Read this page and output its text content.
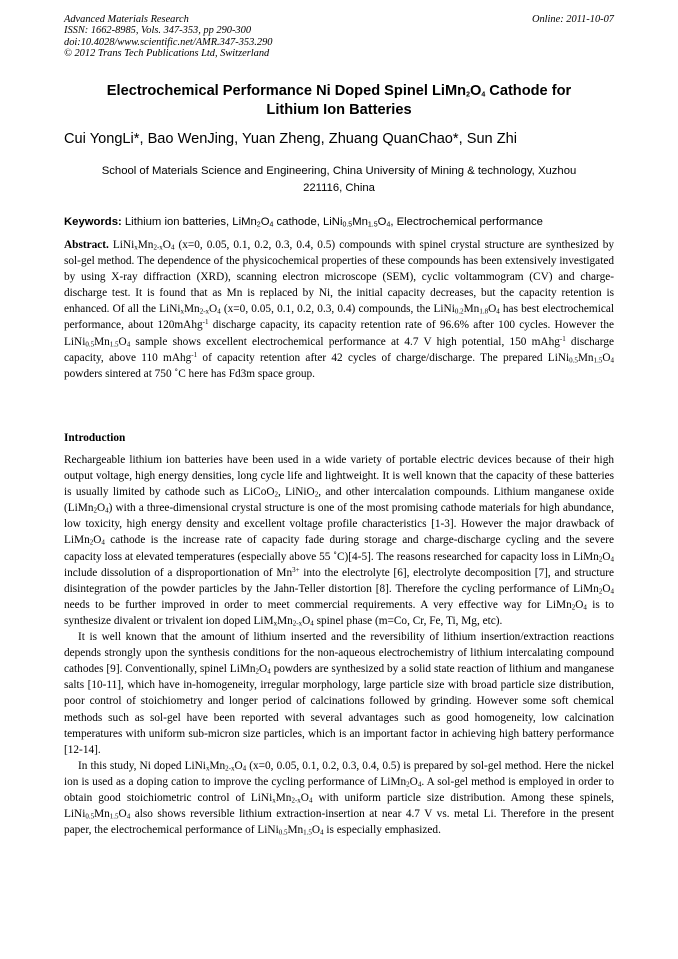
Advanced Materials Research
ISSN: 1662-8985, Vols. 347-353, pp 290-300
doi:10.4028/www.scientific.net/AMR.347-353.290
© 2012 Trans Tech Publications Ltd, Switzerland
Online: 2011-10-07
Electrochemical Performance Ni Doped Spinel $LiMn_2O_4$ Cathode for
Lithium Ion Batteries
Cui YongLi*, Bao WenJing, Yuan Zheng, Zhuang QuanChao*, Sun Zhi
School of Materials Science and Engineering, China University of Mining & technology, Xuzhou
221116, China
Keywords: Lithium ion batteries, $LiMn_2O_4$ cathode, $LiNi_{0.5}Mn_{1.5}O_4$, Electrochemical performance
Abstract. $LiNi_xMn_{2-x}O_4$ (x=0, 0.05, 0.1, 0.2, 0.3, 0.4, 0.5) compounds with spinel crystal structure are synthesized by sol-gel method. The dependence of the physicochemical properties of these compounds has been extensively investigated by using X-ray diffraction (XRD), scanning electron microscope (SEM), cyclic voltammogram (CV) and charge-discharge test. It is found that as Mn is replaced by Ni, the initial capacity decreases, but the capacity retention is enhanced. Of all the $LiNi_xMn_{2-x}O_4$ (x=0, 0.05, 0.1, 0.2, 0.3, 0.4) compounds, the $LiNi_{0.2}Mn_{1.8}O_4$ has best electrochemical performance, about 120mAhg$^{-1}$ discharge capacity, its capacity retention rate of 96.6% after 100 cycles. However the $LiNi_{0.5}Mn_{1.5}O_4$ sample shows excellent electrochemical performance at 4.7 V high potential, 150 mAhg$^{-1}$ discharge capacity, above 110 mAhg$^{-1}$ of capacity retention after 42 cycles of charge/discharge. The prepared $LiNi_{0.5}Mn_{1.5}O_4$ powders sintered at 750 ˚C here has Fd3m space group.
Introduction

Rechargeable lithium ion batteries have been used in a wide variety of portable electric devices because of their high output voltage, high energy densities, long cycle life and lightweight. It is well known that the capacity of these batteries is usually limited by cathode such as LiCoO$_2$, LiNiO$_2$, and other intercalation compounds. Lithium manganese oxide $(LiMn_2O_4)$ with a three-dimensional crystal structure is one of the most promising cathode materials for high abundance, low toxicity, high energy density and excellent voltage profile characteristics [1-3]. However the major drawback of $LiMn_2O_4$ cathode is the increase rate of capacity fade during storage and charge-discharge cycling and the severe capacity loss at elevated temperatures (especially above 55 ˚C)[4-5]. The reasons researched for capacity loss in $LiMn_2O_4$ include dissolution of a disproportionation of $Mn^{3+}$ into the electrolyte [6], electrolyte decomposition [7], and structure disintegration of the powder particles by the Jahn-Teller distortion [8]. Therefore the cycling performance of $LiMn_2O_4$ needs to be further improved in order to meet commercial requirements. A very effective way for $LiMn_2O_4$ is to synthesize divalent or trivalent ion doped $LiM_xMn_{2-x}O_4$ spinel phase (m=Co, Cr, Fe, Ti, Mg, etc).

It is well known that the amount of lithium inserted and the reversibility of lithium insertion/extraction reactions depends strongly upon the synthesis conditions for the non-aqueous electrochemistry of lithium intercalating compound cathodes [9]. Conventionally, spinel $LiMn_2O_4$ powders are synthesized by a solid state reaction of lithium and manganese salts [10-11], which have in-homogeneity, irregular morphology, large particle size with broad particle size distribution, poor control of stoichiometry and longer period of calcinations followed by grinding. However some soft chemical methods such as sol-gel have been reported with several advantages such as good homogeneity, low calcination temperatures with uniform sub-micron size particles, which is an important factor in achieving high battery performance [12-14].

In this study, Ni doped $LiNi_xMn_{2-x}O_4$ (x=0, 0.05, 0.1, 0.2, 0.3, 0.4, 0.5) is prepared by sol-gel method. Here the nickel ion is used as a doping cation to improve the cycling performance of $LiMn_2O_4$. A sol-gel method is employed in order to obtain good stoichiometric control of $LiNi_xMn_{2-x}O_4$ with uniform particle size distribution. Among these spinels, $LiNi_{0.5}Mn_{1.5}O_4$ also shows reversible lithium extraction-insertion at near 4.7 V vs. metal Li. Therefore in the present paper, the electrochemical performance of $LiNi_{0.5}Mn_{1.5}O_4$ is especially emphasized.
